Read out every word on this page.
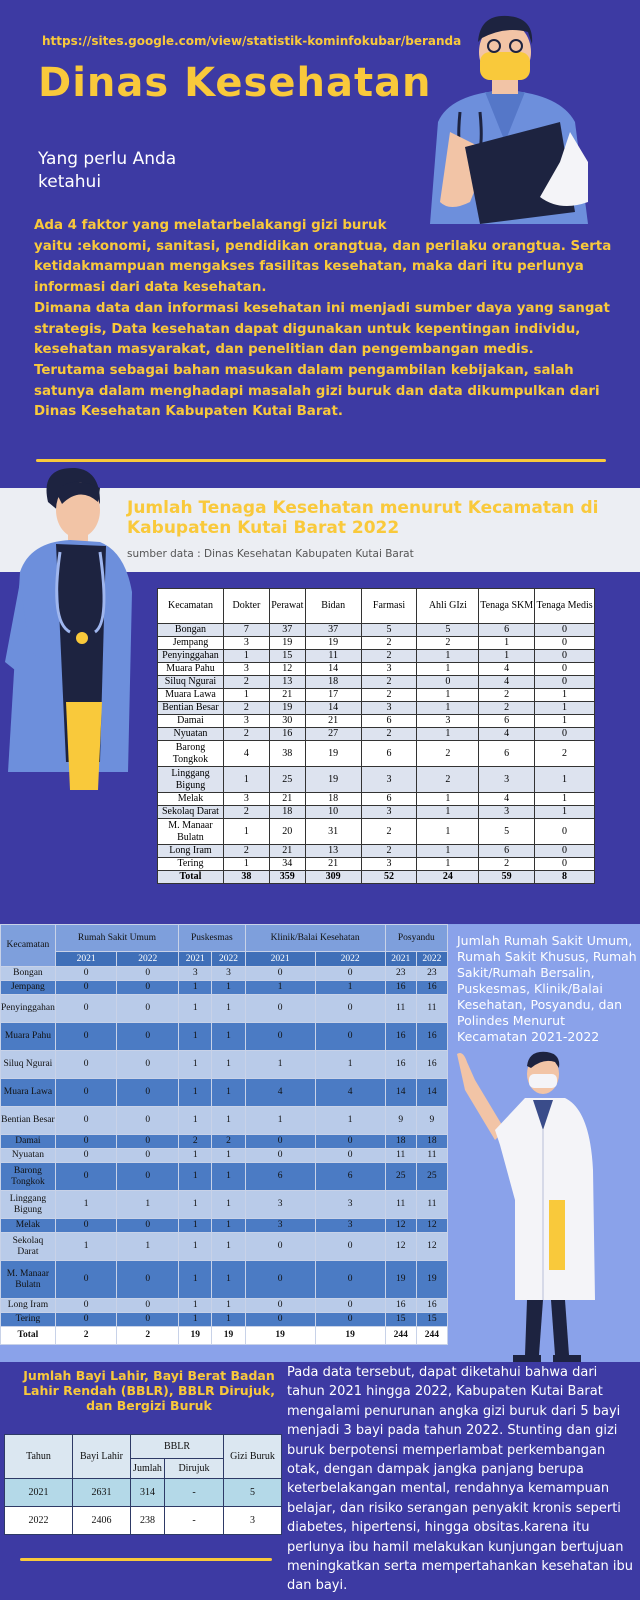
https://sites.google.com/view/statistik-kominfokubar/beranda
Dinas Kesehatan
Yang perlu Anda ketahui
Ada 4 faktor yang melatarbelakangi gizi buruk
yaitu :ekonomi, sanitasi, pendidikan orangtua, dan perilaku orangtua. Serta ketidakmampuan mengakses fasilitas kesehatan, maka dari itu perlunya informasi dari data kesehatan.
Dimana data dan informasi kesehatan ini menjadi sumber daya yang sangat strategis, Data kesehatan dapat digunakan untuk kepentingan individu, kesehatan masyarakat, dan penelitian dan pengembangan medis.
Terutama sebagai bahan masukan dalam pengambilan kebijakan, salah satunya dalam menghadapi masalah gizi buruk dan data dikumpulkan dari Dinas Kesehatan Kabupaten Kutai Barat.
Jumlah Tenaga Kesehatan menurut Kecamatan di Kabupaten Kutai Barat 2022
sumber data : Dinas Kesehatan Kabupaten Kutai Barat
Kecamatan	Dokter	Perawat	Bidan	Farmasi	Ahli GIzi	Tenaga SKM	Tenaga Medis
Bongan	7	37	37	5	5	6	0
Jempang	3	19	19	2	2	1	0
Penyinggahan	1	15	11	2	1	1	0
Muara Pahu	3	12	14	3	1	4	0
Siluq Ngurai	2	13	18	2	0	4	0
Muara Lawa	1	21	17	2	1	2	1
Bentian Besar	2	19	14	3	1	2	1
Damai	3	30	21	6	3	6	1
Nyuatan	2	16	27	2	1	4	0
Barong Tongkok	4	38	19	6	2	6	2
Linggang Bigung	1	25	19	3	2	3	1
Melak	3	21	18	6	1	4	1
Sekolaq Darat	2	18	10	3	1	3	1
M. Manaar Bulatn	1	20	31	2	1	5	0
Long Iram	2	21	13	2	1	6	0
Tering	1	34	21	3	1	2	0
Total	38	359	309	52	24	59	8
Kecamatan	Rumah Sakit Umum		Puskesmas		Klinik/Balai Kesehatan		Posyandu	
	2021	2022	2021	2022	2021	2022	2021	2022
Bongan	0	0	3	3	0	0	23	23
Jempang	0	0	1	1	1	1	16	16
Penyinggahan	0	0	1	1	0	0	11	11
Muara Pahu	0	0	1	1	0	0	16	16
Siluq Ngurai	0	0	1	1	1	1	16	16
Muara Lawa	0	0	1	1	4	4	14	14
Bentian Besar	0	0	1	1	1	1	9	9
Damai	0	0	2	2	0	0	18	18
Nyuatan	0	0	1	1	0	0	11	11
Barong Tongkok	0	0	1	1	6	6	25	25
Linggang Bigung	1	1	1	1	3	3	11	11
Melak	0	0	1	1	3	3	12	12
Sekolaq Darat	1	1	1	1	0	0	12	12
M. Manaar Bulatn	0	0	1	1	0	0	19	19
Long Iram	0	0	1	1	0	0	16	16
Tering	0	0	1	1	0	0	15	15
Total	2	2	19	19	19	19	244	244
Jumlah Rumah Sakit Umum, Rumah Sakit Khusus, Rumah Sakit/Rumah Bersalin, Puskesmas, Klinik/Balai Kesehatan, Posyandu, dan Polindes Menurut Kecamatan 2021-2022
Jumlah Bayi Lahir, Bayi Berat Badan Lahir Rendah (BBLR), BBLR Dirujuk, dan Bergizi Buruk
Tahun	Bayi Lahir	BBLR		Gizi Buruk
		Jumlah	Dirujuk	
2021	2631	314	-	5
2022	2406	238	-	3
Pada data tersebut, dapat diketahui bahwa dari tahun 2021 hingga 2022, Kabupaten Kutai Barat mengalami penurunan angka gizi buruk dari 5 bayi menjadi 3 bayi pada tahun 2022. Stunting dan gizi buruk berpotensi memperlambat perkembangan otak, dengan dampak jangka panjang berupa keterbelakangan mental, rendahnya kemampuan belajar, dan risiko serangan penyakit kronis seperti diabetes, hipertensi, hingga obsitas.karena itu perlunya ibu hamil melakukan kunjungan bertujuan meningkatkan serta mempertahankan kesehatan ibu dan bayi.
